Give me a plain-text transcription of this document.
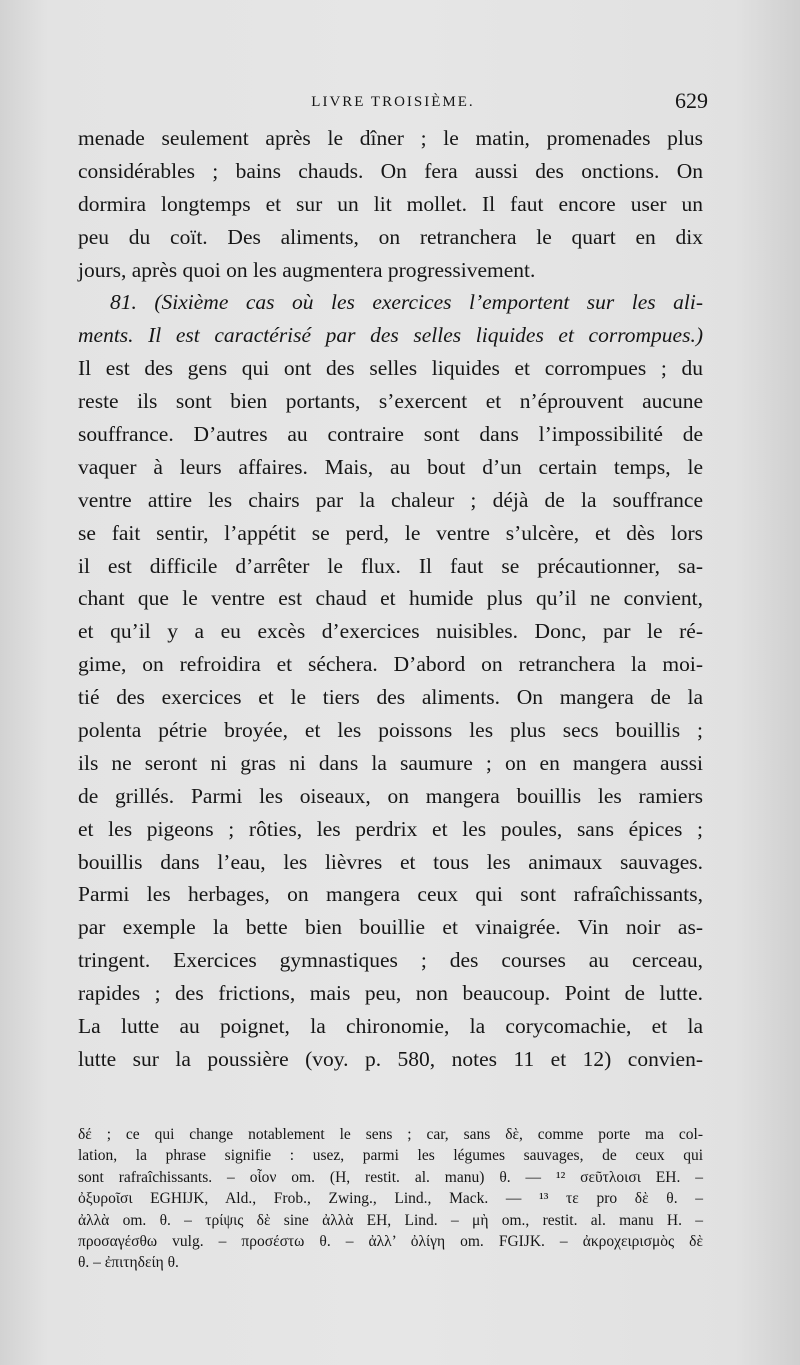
LIVRE TROISIÈME.	629
menade seulement après le dîner ; le matin, promenades plus
considérables ; bains chauds. On fera aussi des onctions. On
dormira longtemps et sur un lit mollet. Il faut encore user un
peu du coït. Des aliments, on retranchera le quart en dix
jours, après quoi on les augmentera progressivement.
81. (Sixième cas où les exercices l’emportent sur les ali-
ments. Il est caractérisé par des selles liquides et corrompues.)
Il est des gens qui ont des selles liquides et corrompues ; du
reste ils sont bien portants, s’exercent et n’éprouvent aucune
souffrance. D’autres au contraire sont dans l’impossibilité de
vaquer à leurs affaires. Mais, au bout d’un certain temps, le
ventre attire les chairs par la chaleur ; déjà de la souffrance
se fait sentir, l’appétit se perd, le ventre s’ulcère, et dès lors
il est difficile d’arrêter le flux. Il faut se précautionner, sa-
chant que le ventre est chaud et humide plus qu’il ne convient,
et qu’il y a eu excès d’exercices nuisibles. Donc, par le ré-
gime, on refroidira et séchera. D’abord on retranchera la moi-
tié des exercices et le tiers des aliments. On mangera de la
polenta pétrie broyée, et les poissons les plus secs bouillis ;
ils ne seront ni gras ni dans la saumure ; on en mangera aussi
de grillés. Parmi les oiseaux, on mangera bouillis les ramiers
et les pigeons ; rôties, les perdrix et les poules, sans épices ;
bouillis dans l’eau, les lièvres et tous les animaux sauvages.
Parmi les herbages, on mangera ceux qui sont rafraîchissants,
par exemple la bette bien bouillie et vinaigrée. Vin noir as-
tringent. Exercices gymnastiques ; des courses au cerceau,
rapides ; des frictions, mais peu, non beaucoup. Point de lutte.
La lutte au poignet, la chironomie, la corycomachie, et la
lutte sur la poussière (voy. p. 580, notes 11 et 12) convien-
δέ ; ce qui change notablement le sens ; car, sans δὲ, comme porte ma col-
lation, la phrase signifie : usez, parmi les légumes sauvages, de ceux qui
sont rafraîchissants. – οἷον om. (H, restit. al. manu) θ. — ¹² σεῦτλοισι EH. –
ὀξυροῖσι EGHIJK, Ald., Frob., Zwing., Lind., Mack. — ¹³ τε pro δὲ θ. –
ἀλλὰ om. θ. – τρίψις δὲ sine ἀλλὰ EH, Lind. – μὴ om., restit. al. manu H. –
προσαγέσθω vulg. – προσέστω θ. – ἀλλ’ ὀλίγη om. FGIJK. – ἀκροχειρισμὸς δὲ
θ. – ἐπιτηδείη θ.
